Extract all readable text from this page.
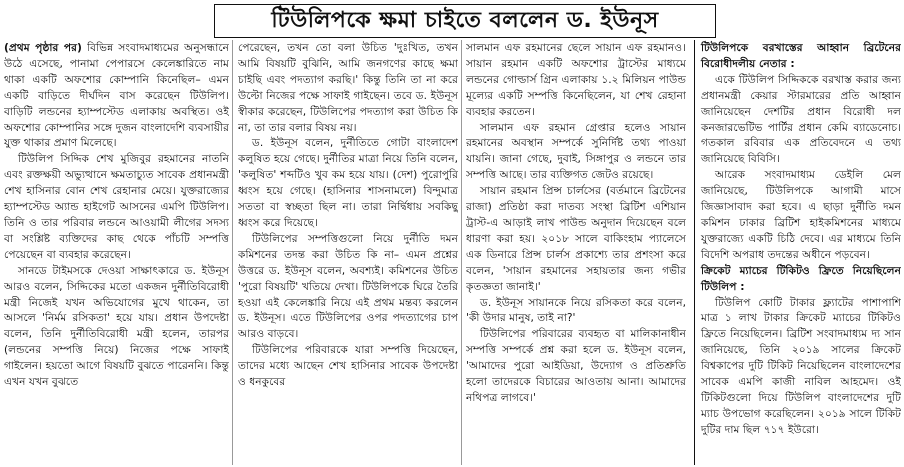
টিউলিপকে ক্ষমা চাইতে বললেন ড. ইউনূস

(প্রথম পৃষ্ঠার পর) বিভিন্ন সংবাদমাধ্যমের অনুসন্ধানে উঠে এসেছে, পানামা পেপারসে কেলেঙ্কারিতে নাম থাকা একটি অফশোর কোম্পানি কিনেছিল– এমন একটি বাড়িতে দীর্ঘদিন বাস করেছেন টিউলিপ। বাড়িটি লন্ডনের হ্যাম্পস্টেড এলাকায় অবস্থিত। ওই অফশোর কোম্পানির সঙ্গে দুজন বাংলাদেশি ব্যবসায়ীর যুক্ত থাকার প্রমাণ মিলেছে।

টিউলিপ সিদ্দিক শেখ মুজিবুর রহমানের নাতনি এবং রক্তক্ষয়ী অভ্যুত্থানে ক্ষমতাচ্যুত সাবেক প্রধানমন্ত্রী শেখ হাসিনার বোন শেখ রেহানার মেয়ে। যুক্তরাজ্যের হ্যাম্পস্টেড অ্যান্ড হাইগেট আসনের এমপি টিউলিপ। তিনি ও তার পরিবার লন্ডনে আওয়ামী লীগের সদস্য বা সংশ্লিষ্ট ব্যক্তিদের কাছ থেকে পাঁচটি সম্পত্তি পেয়েছেন বা ব্যবহার করেছেন।

সানডে টাইমসকে দেওয়া সাক্ষাৎকারে ড. ইউনূস আরও বলেন, সিদ্দিকের মতো একজন দুর্নীতিবিরোধী মন্ত্রী নিজেই যখন অভিযোগের মুখে থাকেন, তা আসলে 'নির্মম রসিকতা' হয়ে যায়। প্রধান উপদেষ্টা বলেন, তিনি দুর্নীতিবিরোধী মন্ত্রী হলেন, তারপর (লন্ডনের সম্পত্তি নিয়ে) নিজের পক্ষে সাফাই গাইলেন। হয়তো আগে বিষয়টি বুঝতে পারেননি। কিন্তু এখন যখন বুঝতে

পেরেছেন, তখন তো বলা উচিত 'দুঃখিত, তখন আমি বিষয়টি বুঝিনি, আমি জনগণের কাছে ক্ষমা চাইছি এবং পদত্যাগ করছি।' কিন্তু তিনি তা না করে উল্টো নিজের পক্ষে সাফাই গাইছেন। তবে ড. ইউনূস স্বীকার করেছেন, টিউলিপের পদত্যাগ করা উচিত কি না, তা তার বলার বিষয় নয়।

ড. ইউনূস বলেন, দুর্নীতিতে গোটা বাংলাদেশ কলুষিত হয়ে গেছে। দুর্নীতির মাত্রা নিয়ে তিনি বলেন, 'কলুষিত' শব্দটিও খুব কম হয়ে যায়। (দেশ) পুরোপুরি ধ্বংস হয়ে গেছে। (হাসিনার শাসনামলে) বিন্দুমাত্র সততা বা স্বচ্ছতা ছিল না। তারা নির্দ্বিধায় সবকিছু ধ্বংস করে দিয়েছে।

টিউলিপের সম্পত্তিগুলো নিয়ে দুর্নীতি দমন কমিশনের তদন্ত করা উচিত কি না– এমন প্রশ্নের উত্তরে ড. ইউনূস বলেন, অবশ্যই। কমিশনের উচিত 'পুরো বিষয়টি' খতিয়ে দেখা। টিউলিপকে ঘিরে তৈরি হওয়া এই কেলেঙ্কারি নিয়ে এই প্রথম মন্তব্য করলেন ড. ইউনূস। এতে টিউলিপের ওপর পদত্যাগের চাপ আরও বাড়বে।

টিউলিপের পরিবারকে যারা সম্পত্তি দিয়েছেন, তাদের মধ্যে আছেন শেখ হাসিনার সাবেক উপদেষ্টা ও ধনকুবের

সালমান এফ রহমানের ছেলে সায়ান এফ রহমানও। সায়ান রহমান একটি অফশোর ট্রাস্টের মাধ্যমে লন্ডনের গোল্ডার্স গ্রিন এলাকায় ১.২ মিলিয়ন পাউন্ড মূল্যের একটি সম্পত্তি কিনেছিলেন, যা শেখ রেহানা ব্যবহার করতেন।

সালমান এফ রহমান গ্রেপ্তার হলেও সায়ান রহমানের অবস্থান সম্পর্কে সুনির্দিষ্ট তথ্য পাওয়া যায়নি। জানা গেছে, দুবাই, সিঙ্গাপুর ও লন্ডনে তার সম্পত্তি আছে। তার ব্যক্তিগত জেটও রয়েছে।

সায়ান রহমান প্রিন্স চার্লসের (বর্তমানে ব্রিটেনের রাজা) প্রতিষ্ঠা করা দাতব্য সংস্থা ব্রিটিশ এশিয়ান ট্রাস্ট-এ আড়াই লাখ পাউন্ড অনুদান দিয়েছেন বলে ধারণা করা হয়। ২০১৮ সালে বাকিংহাম প্যালেসে এক ডিনারে প্রিন্স চার্লস প্রকাশ্যে তার প্রশংসা করে বলেন, 'সায়ান রহমানের সহায়তার জন্য গভীর কৃতজ্ঞতা জানাই।'

ড. ইউনূস সায়ানকে নিয়ে রসিকতা করে বলেন, 'কী উদার মানুষ, তাই না?'

টিউলিপের পরিবারের ব্যবহৃত বা মালিকানাধীন সম্পত্তি সম্পর্কে প্রশ্ন করা হলে ড. ইউনূস বলেন, 'আমাদের পুরো আইডিয়া, উদ্যোগ ও প্রতিশ্রুতি হলো তাদেরকে বিচারের আওতায় আনা। আমাদের নথিপত্র লাগবে।'

টিউলিপকে বরখাস্তের আহ্বান ব্রিটেনের বিরোধীদলীয় নেতার :

একে টিউলিপ সিদ্দিককে বরখাস্ত করার জন্য প্রধানমন্ত্রী কেয়ার স্টারমারের প্রতি আহ্বান জানিয়েছেন দেশটির প্রধান বিরোধী দল কনজারভেটিভ পার্টির প্রধান কেমি ব্যাডেনোচ। গতকাল রবিবার এক প্রতিবেদনে এ তথ্য জানিয়েছে বিবিসি।

আরেক সংবাদমাধ্যম ডেইলি মেল জানিয়েছে, টিউলিপকে আগামী মাসে জিজ্ঞাসাবাদ করা হবে। এ ছাড়া দুর্নীতি দমন কমিশন ঢাকার ব্রিটিশ হাইকমিশনের মাধ্যমে যুক্তরাজ্যে একটি চিঠি দেবে। এর মাধ্যমে তিনি বিদেশি অপরাধ তদন্তের অধীনে পড়বেন।

ক্রিকেট ম্যাচের টিকিটও ফ্রিতে নিয়েছিলেন টিউলিপ :

টিউলিপ কোটি টাকার ফ্ল্যাটের পাশাপাশি মাত্র ১ লাখ টাকার ক্রিকেট ম্যাচের টিকিটও ফ্রিতে নিয়েছিলেন। ব্রিটিশ সংবাদমাধ্যম দ্য সান জানিয়েছে, তিনি ২০১৯ সালের ক্রিকেট বিশ্বকাপের দুটি টিকিট নিয়েছিলেন বাংলাদেশের সাবেক এমপি কাজী নাবিল আহমেদ। ওই টিকিটগুলো দিয়ে টিউলিপ বাংলাদেশের দুটি ম্যাচ উপভোগ করেছিলেন। ২০১৯ সালে টিকিট দুটির দাম ছিল ৭১৭ ইউরো।
